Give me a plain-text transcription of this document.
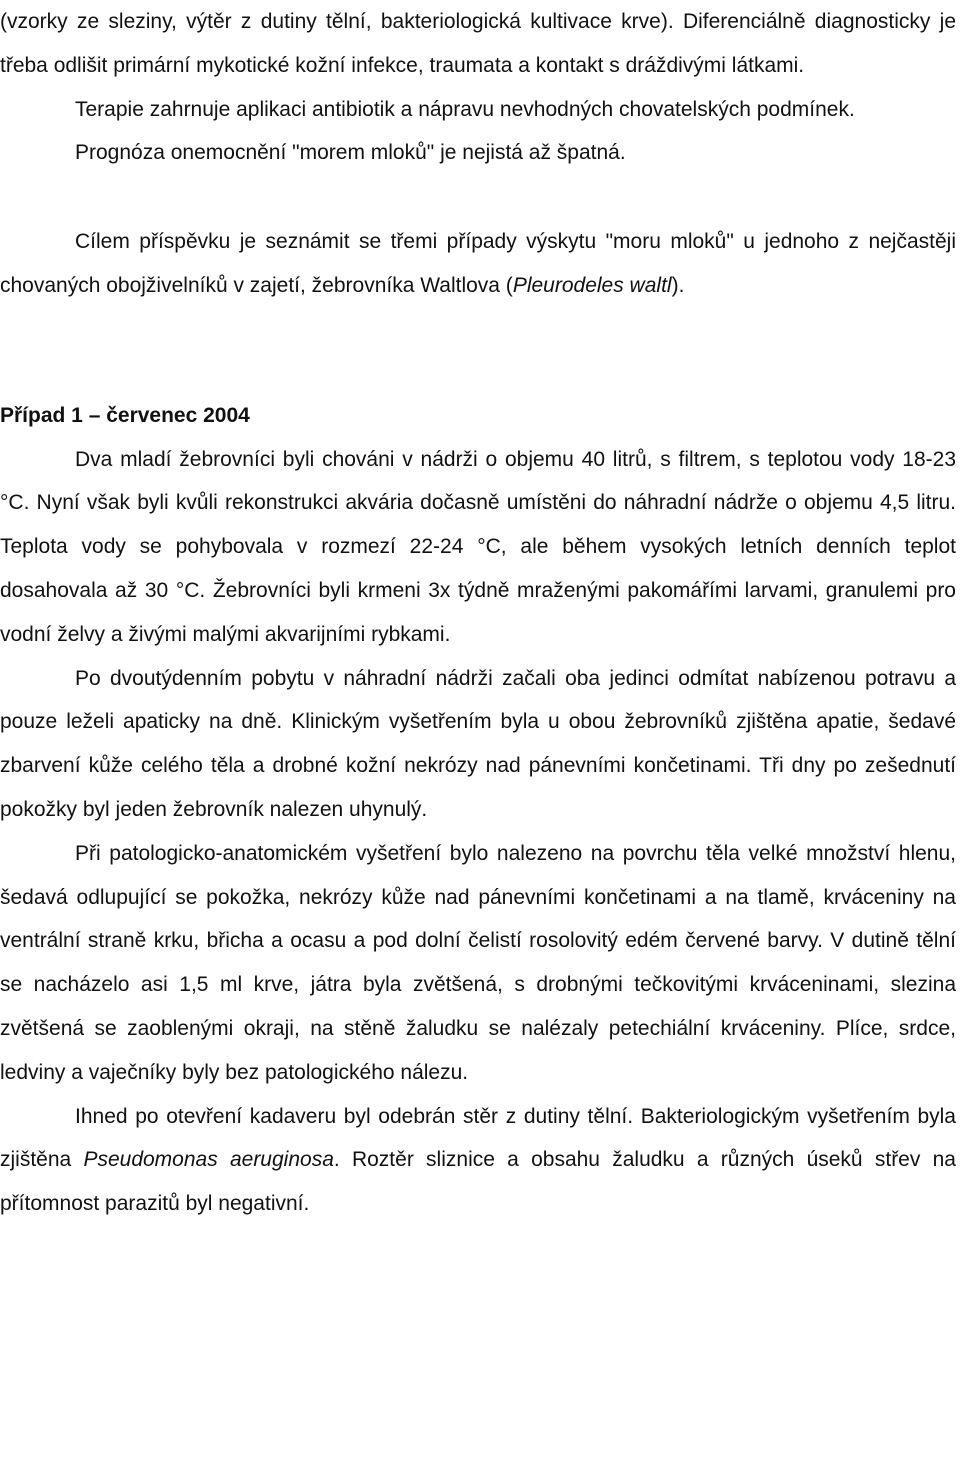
(vzorky ze sleziny, výtěr z dutiny tělní, bakteriologická kultivace krve). Diferenciálně diagnosticky je třeba odlišit primární mykotické kožní infekce, traumata a kontakt s dráždivými látkami.

Terapie zahrnuje aplikaci antibiotik a nápravu nevhodných chovatelských podmínek.

Prognóza onemocnění "morem mloků" je nejistá až špatná.

Cílem příspěvku je seznámit se třemi případy výskytu "moru mloků" u jednoho z nejčastěji chovaných obojživelníků v zajetí, žebrovníka Waltlova (Pleurodeles waltl).

Případ 1 – červenec 2004

Dva mladí žebrovníci byli chováni v nádrži o objemu 40 litrů, s filtrem, s teplotou vody 18-23 °C. Nyní však byli kvůli rekonstrukci akvária dočasně umístěni do náhradní nádrže o objemu 4,5 litru. Teplota vody se pohybovala v rozmezí 22-24 °C, ale během vysokých letních denních teplot dosahovala až 30 °C. Žebrovníci byli krmeni 3x týdně mraženými pakomářími larvami, granulemi pro vodní želvy a živými malými akvarijními rybkami.

Po dvoutýdenním pobytu v náhradní nádrži začali oba jedinci odmítat nabízenou potravu a pouze leželi apaticky na dně. Klinickým vyšetřením byla u obou žebrovníků zjištěna apatie, šedavé zbarvení kůže celého těla a drobné kožní nekrózy nad pánevními končetinami. Tři dny po zešednutí pokožky byl jeden žebrovník nalezen uhynulý.

Při patologicko-anatomickém vyšetření bylo nalezeno na povrchu těla velké množství hlenu, šedavá odlupující se pokožka, nekrózy kůže nad pánevními končetinami a na tlamě, krváceniny na ventrální straně krku, břicha a ocasu a pod dolní čelistí rosolovitý edém červené barvy. V dutině tělní se nacházelo asi 1,5 ml krve, játra byla zvětšená, s drobnými tečkovitými krváceninami, slezina zvětšená se zaoblenými okraji, na stěně žaludku se nalézaly petechiální krváceniny. Plíce, srdce, ledviny a vaječníky byly bez patologického nálezu.

Ihned po otevření kadaveru byl odebrán stěr z dutiny tělní. Bakteriologickým vyšetřením byla zjištěna Pseudomonas aeruginosa. Roztěr sliznice a obsahu žaludku a různých úseků střev na přítomnost parazitů byl negativní.
